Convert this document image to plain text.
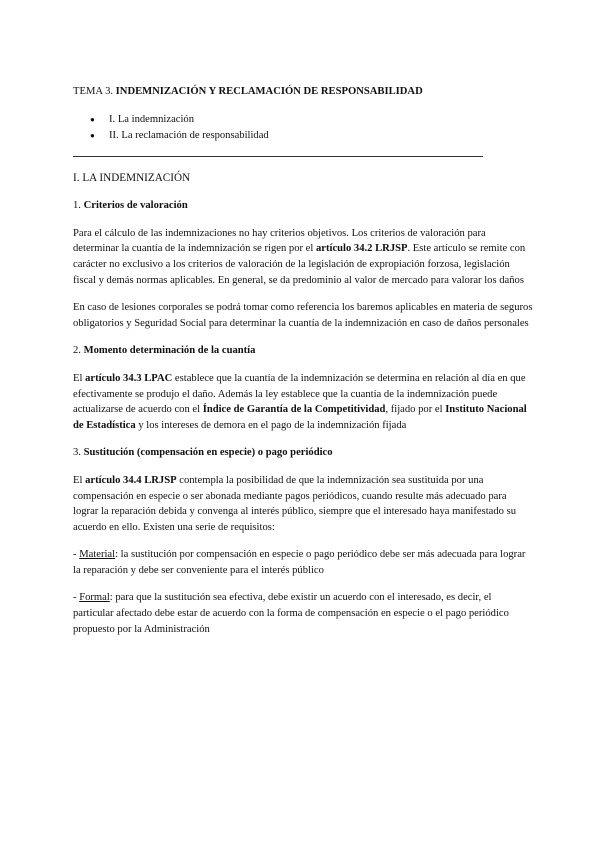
TEMA 3. INDEMNIZACIÓN Y RECLAMACIÓN DE RESPONSABILIDAD
● I. La indemnización
● II. La reclamación de responsabilidad
I. LA INDEMNIZACIÓN
1. Criterios de valoración

Para el cálculo de las indemnizaciones no hay criterios objetivos. Los criterios de valoración para determinar la cuantía de la indemnización se rigen por el artículo 34.2 LRJSP. Este artículo se remite con carácter no exclusivo a los criterios de valoración de la legislación de expropiación forzosa, legislación fiscal y demás normas aplicables. En general, se da predominio al valor de mercado para valorar los daños

En caso de lesiones corporales se podrá tomar como referencia los baremos aplicables en materia de seguros obligatorios y Seguridad Social para determinar la cuantía de la indemnización en caso de daños personales

2. Momento determinación de la cuantía

El artículo 34.3 LPAC establece que la cuantía de la indemnización se determina en relación al día en que efectivamente se produjo el daño. Además la ley establece que la cuantía de la indemnización puede actualizarse de acuerdo con el Índice de Garantía de la Competitividad, fijado por el Instituto Nacional de Estadística y los intereses de demora en el pago de la indemnización fijada

3. Sustitución (compensación en especie) o pago periódico

El artículo 34.4 LRJSP contempla la posibilidad de que la indemnización sea sustituida por una compensación en especie o ser abonada mediante pagos periódicos, cuando resulte más adecuado para lograr la reparación debida y convenga al interés público, siempre que el interesado haya manifestado su acuerdo en ello. Existen una serie de requisitos:

- Material: la sustitución por compensación en especie o pago periódico debe ser más adecuada para lograr la reparación y debe ser conveniente para el interés público

- Formal: para que la sustitución sea efectiva, debe existir un acuerdo con el interesado, es decir, el particular afectado debe estar de acuerdo con la forma de compensación en especie o el pago periódico propuesto por la Administración
